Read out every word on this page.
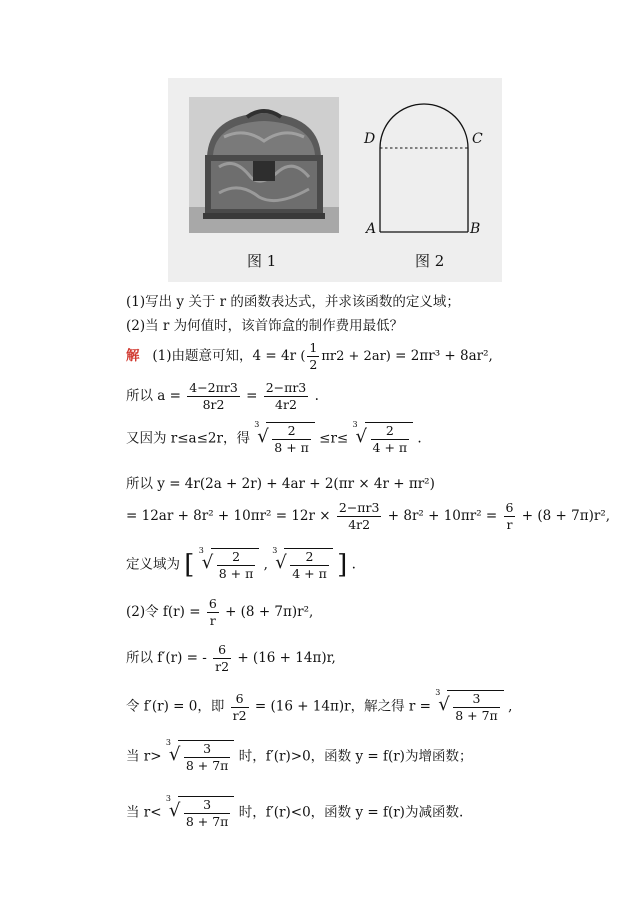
D	C
A	B
图 1	图 2
(1)写出 y 关于 r 的函数表达式，并求该函数的定义域；
(2)当 r 为何值时，该首饰盒的制作费用最低？
解 (1)由题意可知，4 = 4r ( $\frac{1}{2} \pi r2 + 2ar) = 2\pi r^3 + 8ar^2$,
所以 $a = \frac{4-2\pi r3}{8r2} = \frac{2-\pi r3}{4r2}$ .
又因为 r≤a≤2r，得
3
√ $\frac{2}{8 + \pi} \le r\le$
3
√ $\frac{2}{4 + \pi}$ .
所以 y = 4r(2a + 2r) + 4ar + 2(πr × 4r + πr²)
= $12ar + 8r^2 + 10\pi r^2 = 12r \times \frac{2-\pi r3}{4r2} + 8r^2 + 10\pi r^2 = \frac{6}{r} + (8 + 7\pi)r^2$,
定义域为 [ 3
√ $\frac{2}{8 + \pi}$ ,
3
√ $\frac{2}{4 + \pi}$ ] .
(2)令 $f(r) = \frac{6}{r} + (8 + 7\pi)r^2$,
所以 f′(r) = - $\frac{6}{r2} + (16 + 14\pi)r$,
令 f′(r) = 0，即 $\frac{6}{r2} = (16 + 14\pi)r$，解之得 r =
3
√ $\frac{3}{8 + 7\pi}$ ,
当 r>
3
√ $\frac{3}{8 + 7\pi}$ 时，f′(r)>0，函数 y = f(r)为增函数；
当 r<
3
√ $\frac{3}{8 + 7\pi}$ 时，f′(r)<0，函数 y = f(r)为减函数.
